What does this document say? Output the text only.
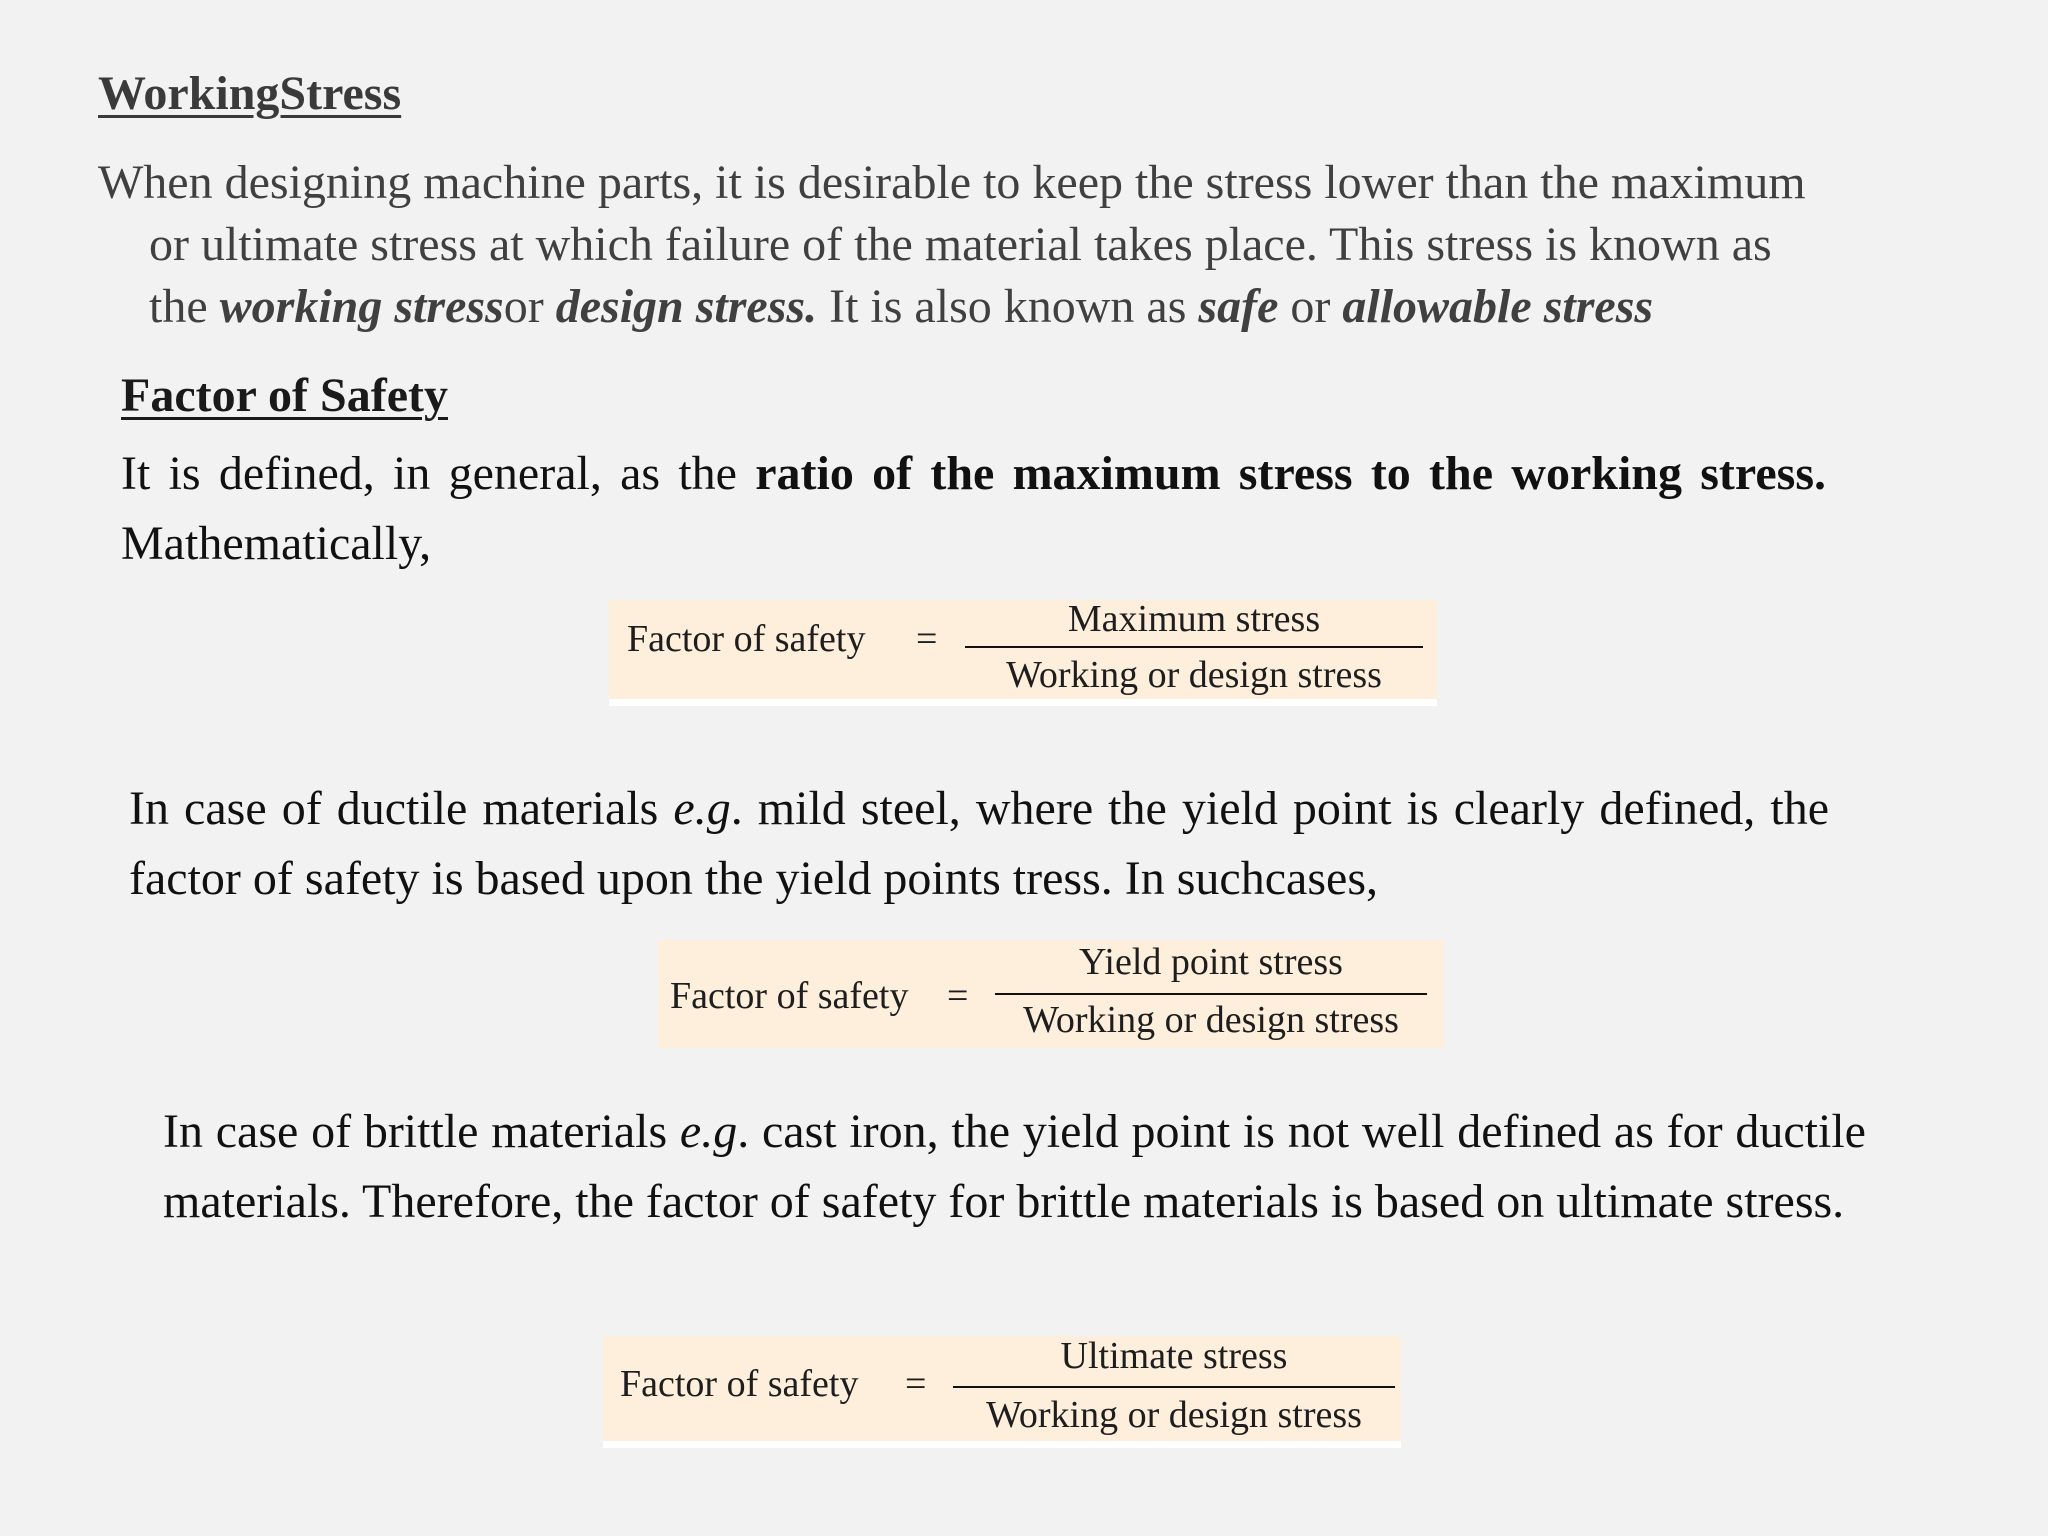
WorkingStress

When designing machine parts, it is desirable to keep the stress lower than the maximum
or ultimate stress at which failure of the material takes place. This stress is known as
the working stressor design stress. It is also known as safe or allowable stress

Factor of Safety

It is defined, in general, as the ratio of the maximum stress to the working stress. Mathematically,

Factor of safety =	Maximum stress
Working or design stress

In case of ductile materials e.g. mild steel, where the yield point is clearly defined, the factor of safety is based upon the yield points tress. In suchcases,

Factor of safety =
Yield point stress
Working or design stress

In case of brittle materials e.g. cast iron, the yield point is not well defined as for ductile materials. Therefore, the factor of safety for brittle materials is based on ultimate stress.

Factor of safety =
Ultimate stress
Working or design stress
